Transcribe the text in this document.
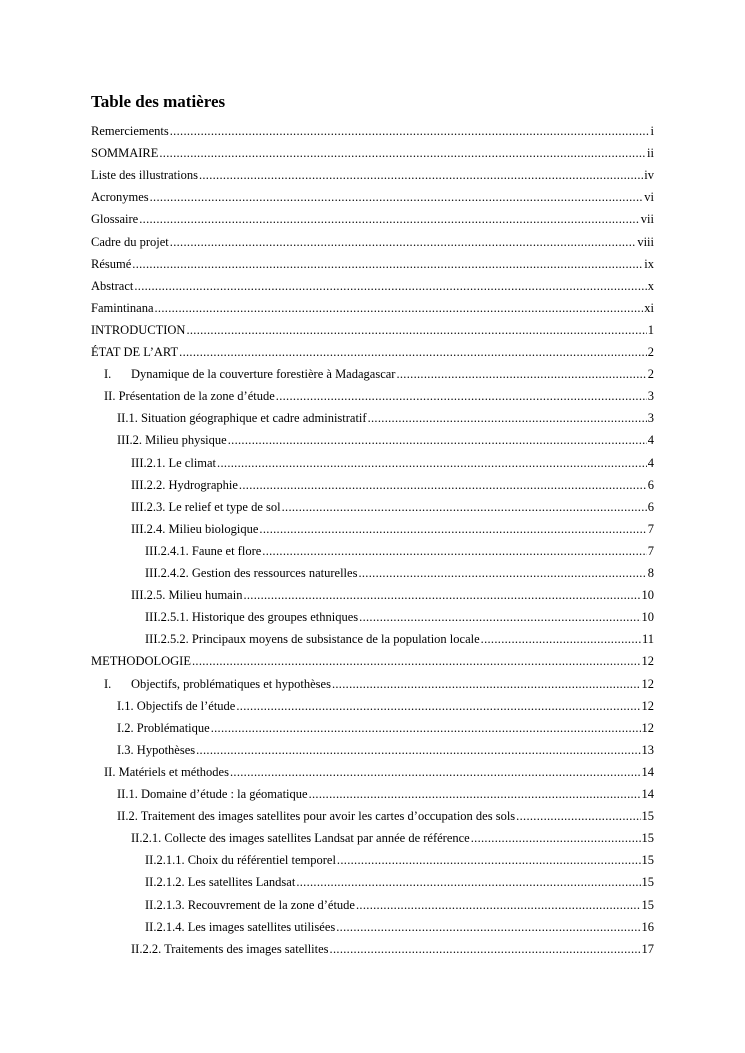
Table des matières
Remerciements .....	i
SOMMAIRE .....	ii
Liste des illustrations .....	iv
Acronymes .....	vi
Glossaire .....	vii
Cadre du projet .....	viii
Résumé .....	ix
Abstract .....	x
Famintinana .....	xi
INTRODUCTION .....	1
ÉTAT DE L’ART .....	2
I. Dynamique de la couverture forestière à Madagascar .....	2
II. Présentation de la zone d’étude .....	3
II.1. Situation géographique et cadre administratif .....	3
III.2. Milieu physique .....	4
III.2.1. Le climat .....	4
III.2.2. Hydrographie .....	6
III.2.3. Le relief et type de sol .....	6
III.2.4. Milieu biologique .....	7
III.2.4.1. Faune et flore .....	7
III.2.4.2. Gestion des ressources naturelles .....	8
III.2.5. Milieu humain .....	10
III.2.5.1. Historique des groupes ethniques .....	10
III.2.5.2. Principaux moyens de subsistance de la population locale .....	11
METHODOLOGIE .....	12
I. Objectifs, problématiques et hypothèses .....	12
I.1. Objectifs de l’étude .....	12
I.2. Problématique .....	12
I.3. Hypothèses .....	13
II. Matériels et méthodes .....	14
II.1. Domaine d’étude : la géomatique .....	14
II.2. Traitement des images satellites pour avoir les cartes d’occupation des sols .....	15
II.2.1. Collecte des images satellites Landsat par année de référence .....	15
II.2.1.1. Choix du référentiel temporel .....	15
II.2.1.2. Les satellites Landsat .....	15
II.2.1.3. Recouvrement de la zone d’étude .....	15
II.2.1.4. Les images satellites utilisées .....	16
II.2.2. Traitements des images satellites .....	17
